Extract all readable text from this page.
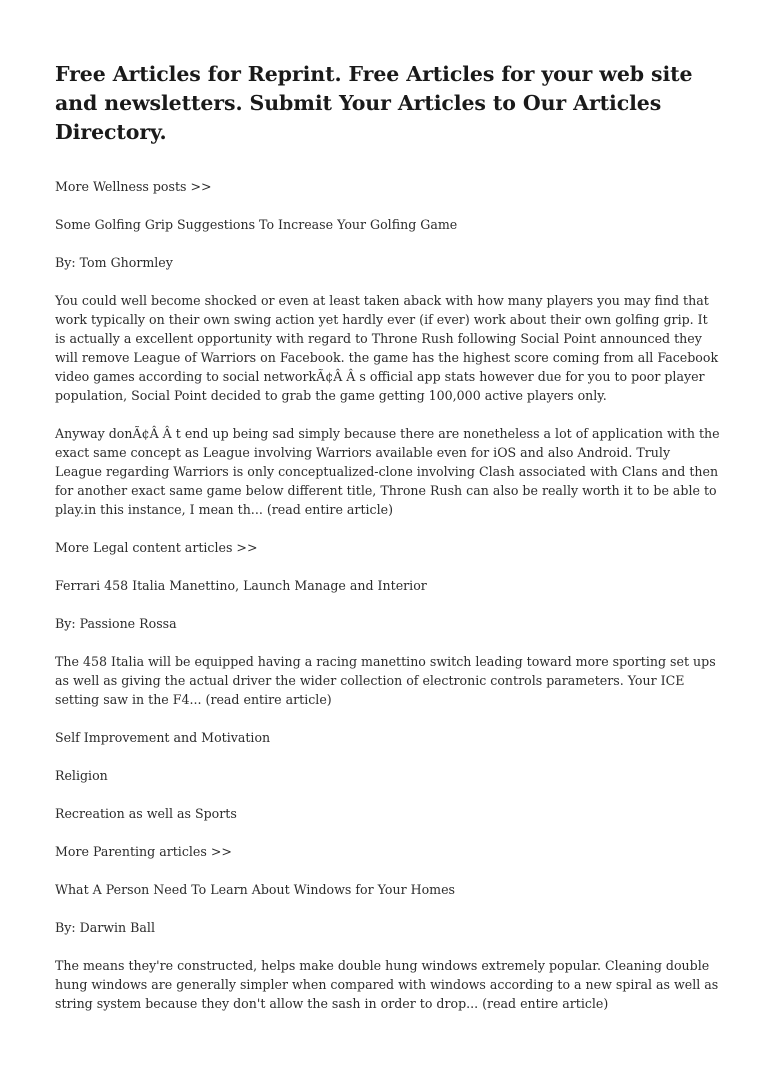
Free Articles for Reprint. Free Articles for your web site and newsletters. Submit Your Articles to Our Articles Directory.

More Wellness posts >>

Some Golfing Grip Suggestions To Increase Your Golfing Game

By: Tom Ghormley

You could well become shocked or even at least taken aback with how many players you may find that work typically on their own swing action yet hardly ever (if ever) work about their own golfing grip. It is actually a excellent opportunity with regard to Throne Rush following Social Point announced they will remove League of Warriors on Facebook. the game has the highest score coming from all Facebook video games according to social networkÃ¢Â Â s official app stats however due for you to poor player population, Social Point decided to grab the game getting 100,000 active players only.

Anyway donÃ¢Â Â t end up being sad simply because there are nonetheless a lot of application with the exact same concept as League involving Warriors available even for iOS and also Android. Truly League regarding Warriors is only conceptualized-clone involving Clash associated with Clans and then for another exact same game below different title, Throne Rush can also be really worth it to be able to play.in this instance, I mean th... (read entire article)

More Legal content articles >>

Ferrari 458 Italia Manettino, Launch Manage and Interior

By: Passione Rossa

The 458 Italia will be equipped having a racing manettino switch leading toward more sporting set ups as well as giving the actual driver the wider collection of electronic controls parameters. Your ICE setting saw in the F4... (read entire article)

Self Improvement and Motivation

Religion

Recreation as well as Sports

More Parenting articles >>

What A Person Need To Learn About Windows for Your Homes

By: Darwin Ball

The means they're constructed, helps make double hung windows extremely popular. Cleaning double hung windows are generally simpler when compared with windows according to a new spiral as well as string system because they don't allow the sash in order to drop... (read entire article)
